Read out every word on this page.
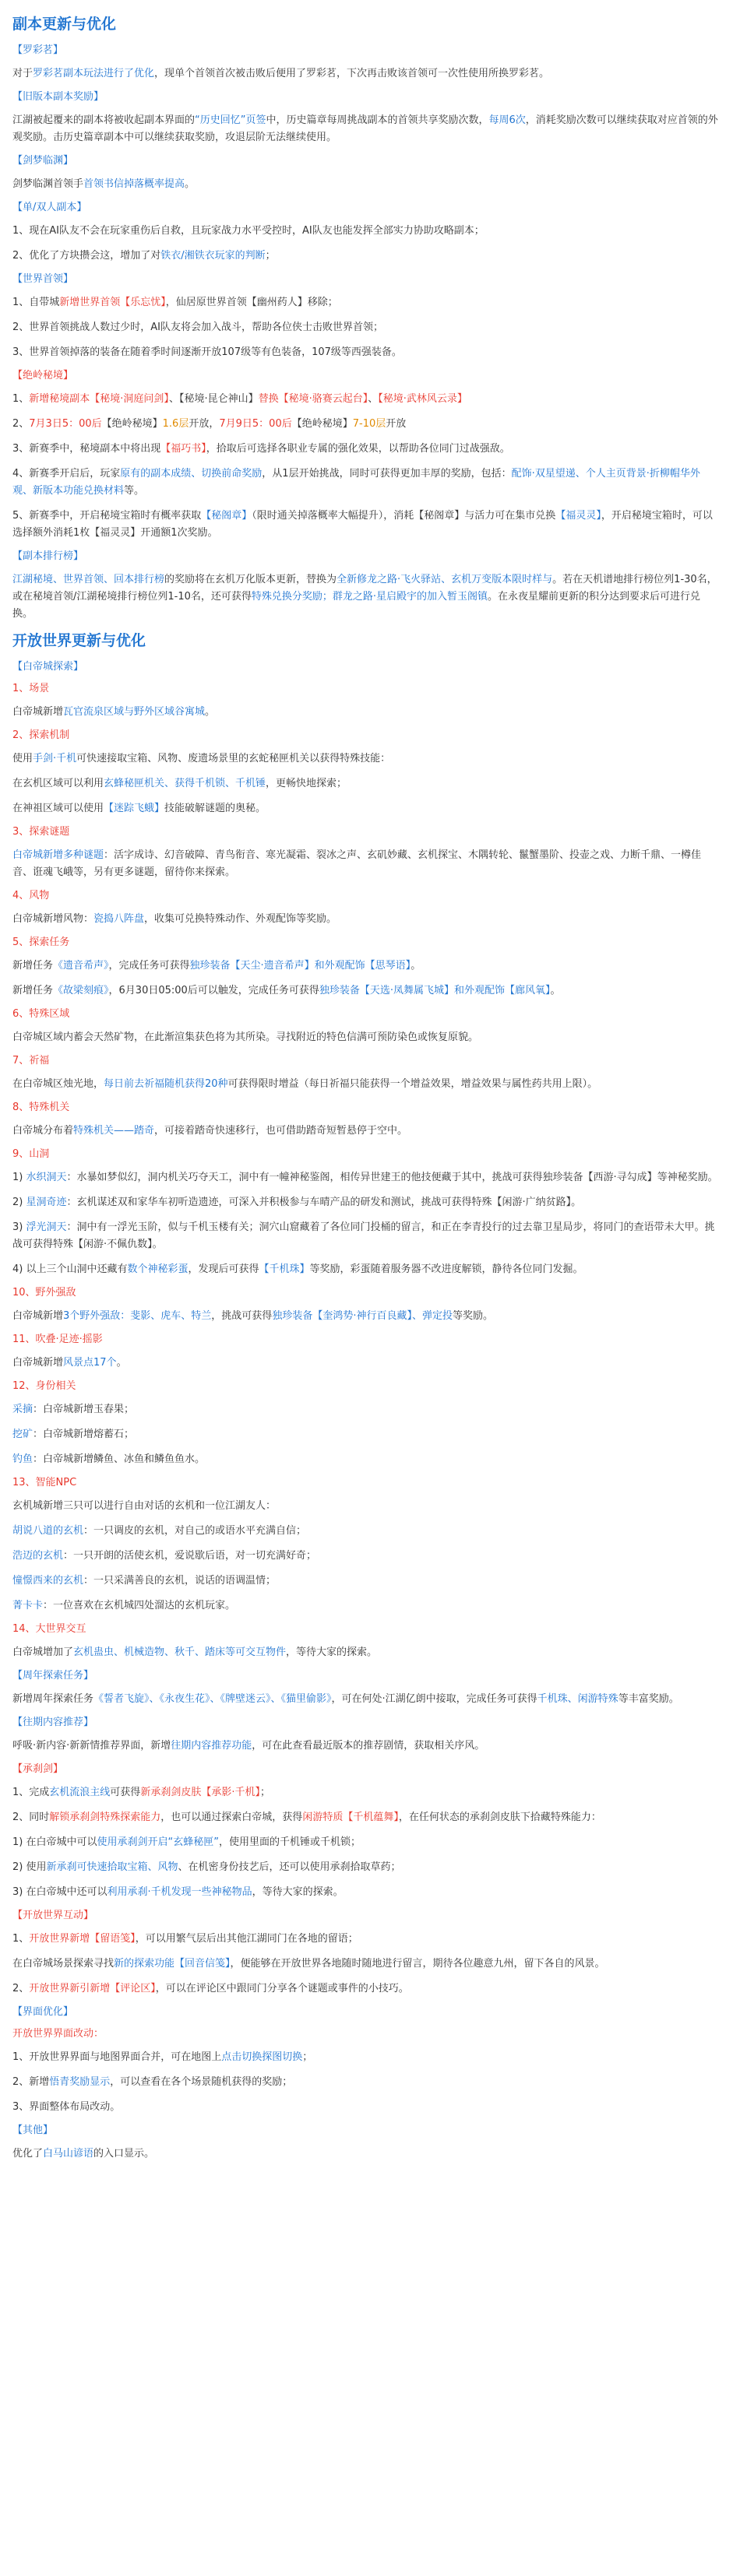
副本更新与优化
【罗彩茗】
对于罗彩茗副本玩法进行了优化，现单个首领首次被击败后便用了罗彩茗，下次再击败该首领可一次性使用所换罗彩茗。
【旧版本副本奖励】
江湖被起覆来的副本将被收起副本界面的“历史回忆”页签中，历史篇章每周挑战副本的首领共享奖励次数，每周6次，消耗奖励次数可以继续获取对应首领的外观奖励。击历史篇章副本中可以继续获取奖励，攻退层阶无法继续使用。
【剑梦临渊】
剑梦临渊首领手首领书信掉落概率提高。
【单/双人副本】
1、现在AI队友不会在玩家重伤后自救，且玩家战力水平受控时，AI队友也能发挥全部实力协助攻略副本；
2、优化了方块攒会这，增加了对铁衣/湘铁衣玩家的判断；
【世界首领】
1、自带城新增世界首领【乐忘忧】，仙居原世界首领【幽州药人】移除；
2、世界首领挑战人数过少时，AI队友将会加入战斗，帮助各位侠士击败世界首领；
3、世界首领掉落的装备在随着季时间逐渐开放107级等有色装备，107级等西强装备。
【绝岭秘境】
1、新增秘境副本【秘境·洞庭问剑】、【秘境·昆仑神山】替换【秘境·骆赛云起台】、【秘境·武林风云录】
2、7月3日5：00后【绝岭秘境】1.6层开放，7月9日5：00后【绝岭秘境】7-10层开放
3、新赛季中，秘境副本中将出现【福巧书】，拾取后可选择各职业专属的强化效果，以帮助各位同门过战强敌。
4、新赛季开启后，玩家原有的副本成绩、切换前命奖励，从1层开始挑战，同时可获得更加丰厚的奖励，包括：配饰·双星望递、个人主页背景·折柳帽华外观、新版本功能兑换材料等。
5、新赛季中，开启秘境宝箱时有概率获取【秘阁章】（限时通关掉落概率大幅提升），消耗【秘阁章】与活力可在集市兑换【福灵灵】，开启秘境宝箱时，可以选择额外消耗1枚【福灵灵】开通额1次奖励。
【副本排行榜】
江湖秘境、世界首领、回本排行榜的奖励将在玄机万化版本更新，替换为全新修龙之路·飞火驿站、玄机万变版本限时样与。若在天机谱地排行榜位列1-30名，或在秘境首领/江湖秘境排行榜位列1-10名，还可获得特殊兑换分奖励；群龙之路·星启殿宇的加入暂玉阁镇。在永夜星耀前更新的积分达到要求后可进行兑换。
开放世界更新与优化
【白帝城探索】
1、场景
白帝城新增瓦官流泉区域与野外区域谷寓城。
2、探索机制
使用手剑·千机可快速接取宝箱、风物、废遗场景里的玄蛇秘匣机关以获得特殊技能：
在玄机区域可以利用玄蜂秘匣机关、获得千机锁、千机锤，更畅快地探索；
在神祖区域可以使用【迷踪飞蛾】技能破解谜题的奥秘。
3、探索谜题
白帝城新增多种谜题：活字成诗、幻音破障、青鸟衔音、寒光凝霜、裂冰之声、玄矶妙藏、玄机探宝、木隅转轮、鬣蟹墨阶、投壶之戏、力断千鼎、一樽佳音、诳魂飞峨等，另有更多谜题，留待你来探索。
4、风物
白帝城新增风物：瓷捣八阵盘，收集可兑换特殊动作、外观配饰等奖励。
5、探索任务
新增任务《遗音希声》，完成任务可获得独珍装备【天尘·遗音希声】和外观配饰【思琴语】。
新增任务《故梁刻痕》，6月30日05:00后可以触发，完成任务可获得独珍装备【天选·凤舞属飞城】和外观配饰【廊风氧】。
6、特殊区域
白帝城区域内蓄会天然矿物，在此渐渲集获色将为其所染。寻找附近的特色信满可预防染色或恢复原貌。
7、祈福
在白帝城区烛光地，每日前去祈福随机获得20种可获得限时增益（每日祈福只能获得一个增益效果，增益效果与属性药共用上限）。
8、特殊机关
白帝城分布着特殊机关——踏奇，可接着踏奇快速移行，也可借助踏奇短暂悬停于空中。
9、山洞
1) 水织洞天：水暴如梦似幻，洞内机关巧夺天工，洞中有一幢神秘鉴阁，相传异世建王的他技便藏于其中，挑战可获得独珍装备【西游·寻勾成】等神秘奖励。
2) 星洞奇迹：玄机谋述双和家华车初听造遗迹，可深入并积极参与车晴产品的研发和测试，挑战可获得特殊【闲游·广纳贫路】。
3) 浮光洞天：洞中有一浮光玉阶，似与千机玉楼有关；洞穴山窟藏着了各位同门投桶的留言，和正在李青投行的过去靠卫星局步，将同门的查语带未大甲。挑战可获得特殊【闲游·不佩仇数】。
4) 以上三个山洞中还藏有数个神秘彩蛋，发现后可获得【千机珠】等奖励，彩蛋随着服务器不改进度解锁，静待各位同门发掘。
10、野外强敌
白帝城新增3个野外强敌：斐影、虎车、特兰，挑战可获得独珍装备【奎鸿势·神行百良藏】、弹定投等奖励。
11、吹叠·足迹·摇影
白帝城新增风景点17个。
12、身份相关
采摘：白帝城新增玉春果；
挖矿：白帝城新增熔蓄石；
钓鱼：白帝城新增鳞鱼、冰鱼和鳞鱼鱼水。
13、智能NPC
玄机城新增三只可以进行自由对话的玄机和一位江湖友人：
胡说八道的玄机：一只调皮的玄机，对自己的或语水平充满自信；
浩迈的玄机：一只开朗的活使玄机，爱说歇后语，对一切充满好奇；
憧憬西来的玄机：一只采满善良的玄机，说话的语调温情；
菁卡卡：一位喜欢在玄机城四处溜达的玄机玩家。
14、大世界交互
白帝城增加了玄机蛊虫、机械造物、秋千、踏床等可交互物件，等待大家的探索。
【周年探索任务】
新增周年探索任务《誓者飞旋》、《永夜生花》、《牌壁迷云》、《猫里偷影》，可在何处·江湖亿朗中接取，完成任务可获得千机珠、闲游特殊等丰富奖励。
【往期内容推荐】
呼吸·新内容·新新情推荐界面，新增往期内容推荐功能，可在此查看最近版本的推荐剧情，获取相关序风。
【承刹剑】
1、完成玄机流浪主线可获得新承刹剑皮肤【承影·千机】；
2、同时解锁承刹剑特殊探索能力，也可以通过探索白帝城，获得闲游特质【千机蕴舞】，在任何状态的承刹剑皮肤下拾藏特殊能力：
1) 在白帝城中可以使用承刹剑开启“玄蜂秘匣”，使用里面的千机锤或千机锁；
2) 使用新承刹可快速拾取宝箱、风物、在机密身份技艺后，还可以使用承刹拾取草药；
3) 在白帝城中还可以利用承刹·千机发现一些神秘物品，等待大家的探索。
【开放世界互动】
1、开放世界新增【留语笺】，可以用繁气层后出其他江湖同门在各地的留语；
在白帝城场景探索寻找新的探索功能【回音信笺】，便能够在开放世界各地随时随地进行留言，期待各位趣意九州，留下各自的风景。
2、开放世界新引新增【评论区】，可以在评论区中跟同门分享各个谜题或事件的小技巧。
【界面优化】
开放世界界面改动：
1、开放世界界面与地图界面合并，可在地图上点击切换探图切换；
2、新增悟青奖励显示，可以查看在各个场景随机获得的奖励；
3、界面整体布局改动。
【其他】
优化了白马山谚语的入口显示。
